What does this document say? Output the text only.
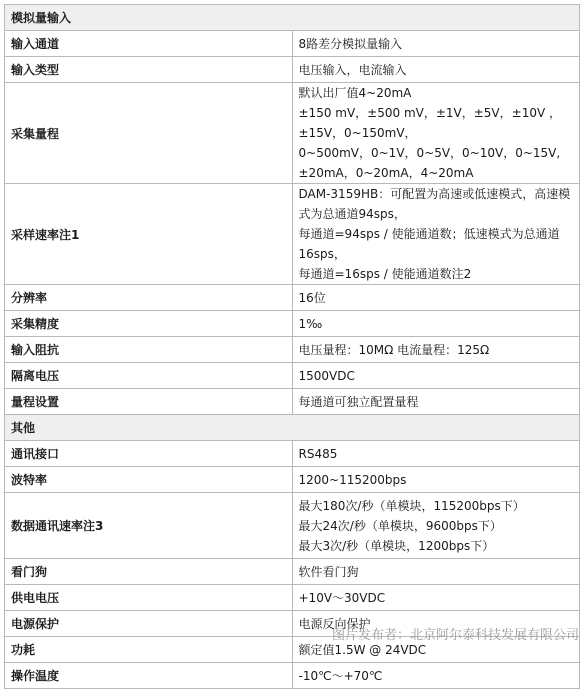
模拟量输入	
输入通道	8路差分模拟量输入

输入类型	电压输入，电流输入

采集量程	默认出厂值4~20mA
±150 mV，±500 mV，±1V，±5V，±10V ，±15V，0~150mV，
0~500mV，0~1V，0~5V，0~10V，0~15V,±20mA，0~20mA，4~20mA

采样速率注1	DAM-3159HB：可配置为高速或低速模式，高速模式为总通道94sps，
每通道=94sps / 使能通道数；低速模式为总通道16sps，
每通道=16sps / 使能通道数注2

分辨率	16位

采集精度	1‰

输入阻抗	电压量程：10MΩ 电流量程：125Ω

隔离电压	1500VDC

量程设置	每通道可独立配置量程

其他	
通讯接口	RS485

波特率	1200~115200bps

数据通讯速率注3	最大180次/秒（单模块，115200bps下）
最大24次/秒（单模块，9600bps下）
最大3次/秒（单模块，1200bps下）

看门狗	软件看门狗

供电电压	+10V～30VDC

电源保护	电源反向保护

功耗	额定值1.5W @ 24VDC

操作温度	-10℃～+70℃
图片发布者：北京阿尔泰科技发展有限公司
